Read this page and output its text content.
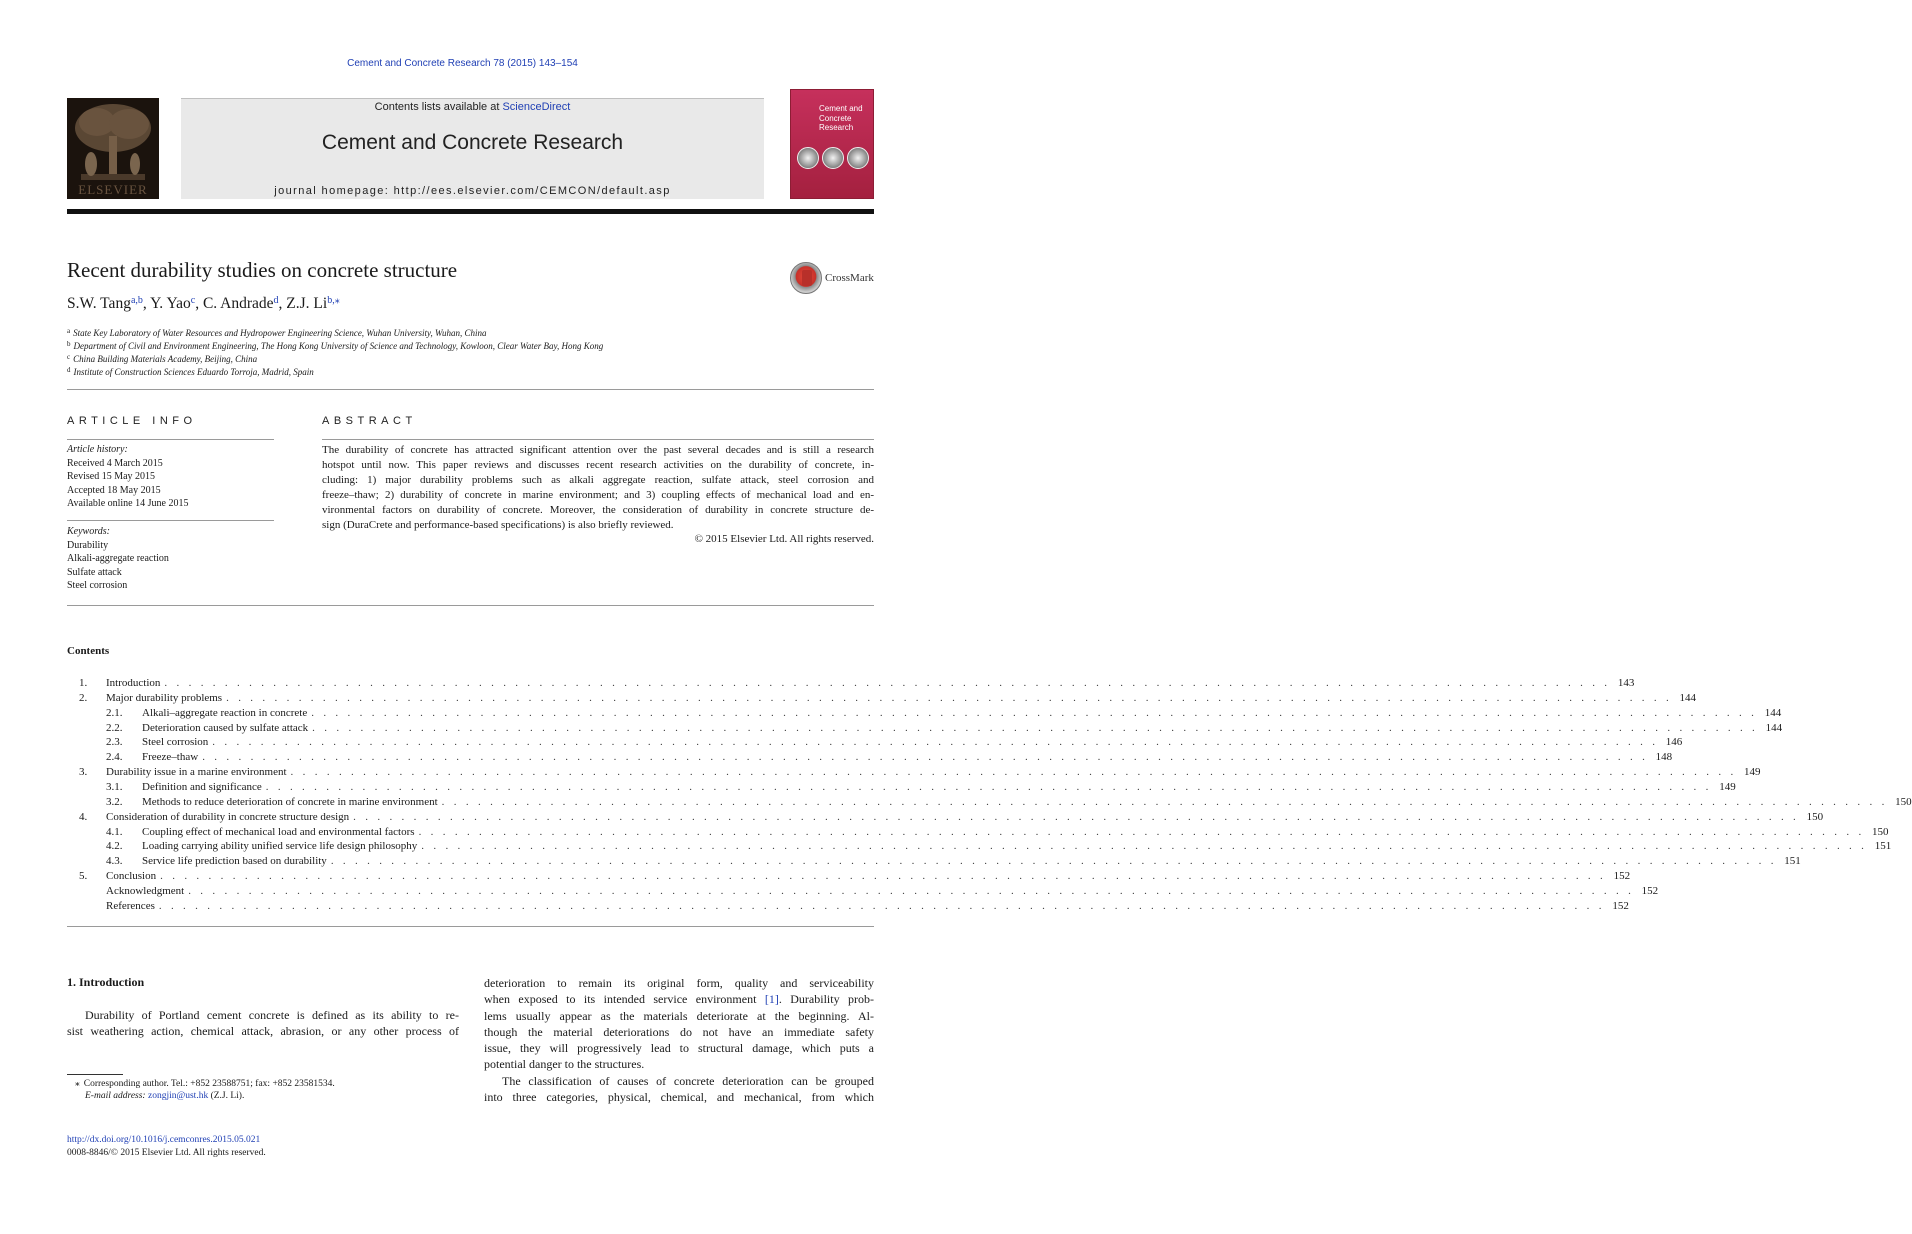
Cement and Concrete Research 78 (2015) 143–154
ELSEVIER
Contents lists available at ScienceDirect
Cement and Concrete Research
journal homepage: http://ees.elsevier.com/CEMCON/default.asp
Cement and Concrete Research
Recent durability studies on concrete structure	CrossMark
S.W. Tang$^{a,b}$, Y. Yao$^c$, C. Andrade$^d$, Z.J. $Li^{b,⁎}$
$^a$ State Key Laboratory of Water Resources and Hydropower Engineering Science, Wuhan University, Wuhan, China
$^b$ Department of Civil and Environment Engineering, The Hong Kong University of Science and Technology, Kowloon, Clear Water Bay, Hong Kong
$^c$ China Building Materials Academy, Beijing, China
$^d$ Institute of Construction Sciences Eduardo Torroja, Madrid, Spain
ARTICLE INFO
Article history:
Received 4 March 2015
Revised 15 May 2015
Accepted 18 May 2015
Available online 14 June 2015
Keywords:
Durability
Alkali-aggregate reaction
Sulfate attack
Steel corrosion
ABSTRACT
The durability of concrete has attracted significant attention over the past several decades and is still a research
hotspot until now. This paper reviews and discusses recent research activities on the durability of concrete, in-
cluding: 1) major durability problems such as alkali aggregate reaction, sulfate attack, steel corrosion and
freeze–thaw; 2) durability of concrete in marine environment; and 3) coupling effects of mechanical load and en-
vironmental factors on durability of concrete. Moreover, the consideration of durability in concrete structure de-
sign (DuraCrete and performance-based specifications) is also briefly reviewed.
© 2015 Elsevier Ltd. All rights reserved.
Contents
1.	Introduction . . . . . . . . . . . . . . . . . . . . . . . . . . . . . . . . . . . . . . . . . . . . . . . . . . . . . . . . . . . . . . . . . . . . . . . . . . . . . . . . . . . . . . . . . . . . . . . . . . . . . . . . . . . . . . . . . . . . . . . . 143
2.	Major durability problems . . . . . . . . . . . . . . . . . . . . . . . . . . . . . . . . . . . . . . . . . . . . . . . . . . . . . . . . . . . . . . . . . . . . . . . . . . . . . . . . . . . . . . . . . . . . . . . . . . . . . . . . . . . . . . . . . . . . . . . . 144
2.1.	Alkali–aggregate reaction in concrete . . . . . . . . . . . . . . . . . . . . . . . . . . . . . . . . . . . . . . . . . . . . . . . . . . . . . . . . . . . . . . . . . . . . . . . . . . . . . . . . . . . . . . . . . . . . . . . . . . . . . . . . . . . . . . . . . . . . . . . . 144
2.2.	Deterioration caused by sulfate attack . . . . . . . . . . . . . . . . . . . . . . . . . . . . . . . . . . . . . . . . . . . . . . . . . . . . . . . . . . . . . . . . . . . . . . . . . . . . . . . . . . . . . . . . . . . . . . . . . . . . . . . . . . . . . . . . . . . . . . . . 144
2.3.	Steel corrosion . . . . . . . . . . . . . . . . . . . . . . . . . . . . . . . . . . . . . . . . . . . . . . . . . . . . . . . . . . . . . . . . . . . . . . . . . . . . . . . . . . . . . . . . . . . . . . . . . . . . . . . . . . . . . . . . . . . . . . . . 146
2.4.	Freeze–thaw . . . . . . . . . . . . . . . . . . . . . . . . . . . . . . . . . . . . . . . . . . . . . . . . . . . . . . . . . . . . . . . . . . . . . . . . . . . . . . . . . . . . . . . . . . . . . . . . . . . . . . . . . . . . . . . . . . . . . . . . 148
3.	Durability issue in a marine environment . . . . . . . . . . . . . . . . . . . . . . . . . . . . . . . . . . . . . . . . . . . . . . . . . . . . . . . . . . . . . . . . . . . . . . . . . . . . . . . . . . . . . . . . . . . . . . . . . . . . . . . . . . . . . . . . . . . . . . . . 149
3.1.	Definition and significance . . . . . . . . . . . . . . . . . . . . . . . . . . . . . . . . . . . . . . . . . . . . . . . . . . . . . . . . . . . . . . . . . . . . . . . . . . . . . . . . . . . . . . . . . . . . . . . . . . . . . . . . . . . . . . . . . . . . . . . . 149
3.2.	Methods to reduce deterioration of concrete in marine environment . . . . . . . . . . . . . . . . . . . . . . . . . . . . . . . . . . . . . . . . . . . . . . . . . . . . . . . . . . . . . . . . . . . . . . . . . . . . . . . . . . . . . . . . . . . . . . . . . . . . . . . . . . . . . . . . . . . . . . . . 150
4.	Consideration of durability in concrete structure design . . . . . . . . . . . . . . . . . . . . . . . . . . . . . . . . . . . . . . . . . . . . . . . . . . . . . . . . . . . . . . . . . . . . . . . . . . . . . . . . . . . . . . . . . . . . . . . . . . . . . . . . . . . . . . . . . . . . . . . . 150
4.1.	Coupling effect of mechanical load and environmental factors . . . . . . . . . . . . . . . . . . . . . . . . . . . . . . . . . . . . . . . . . . . . . . . . . . . . . . . . . . . . . . . . . . . . . . . . . . . . . . . . . . . . . . . . . . . . . . . . . . . . . . . . . . . . . . . . . . . . . . . . 150
4.2.	Loading carrying ability unified service life design philosophy . . . . . . . . . . . . . . . . . . . . . . . . . . . . . . . . . . . . . . . . . . . . . . . . . . . . . . . . . . . . . . . . . . . . . . . . . . . . . . . . . . . . . . . . . . . . . . . . . . . . . . . . . . . . . . . . . . . . . . . . 151
4.3.	Service life prediction based on durability . . . . . . . . . . . . . . . . . . . . . . . . . . . . . . . . . . . . . . . . . . . . . . . . . . . . . . . . . . . . . . . . . . . . . . . . . . . . . . . . . . . . . . . . . . . . . . . . . . . . . . . . . . . . . . . . . . . . . . . . 151
5.	Conclusion . . . . . . . . . . . . . . . . . . . . . . . . . . . . . . . . . . . . . . . . . . . . . . . . . . . . . . . . . . . . . . . . . . . . . . . . . . . . . . . . . . . . . . . . . . . . . . . . . . . . . . . . . . . . . . . . . . . . . . . . 152
Acknowledgment . . . . . . . . . . . . . . . . . . . . . . . . . . . . . . . . . . . . . . . . . . . . . . . . . . . . . . . . . . . . . . . . . . . . . . . . . . . . . . . . . . . . . . . . . . . . . . . . . . . . . . . . . . . . . . . . . . . . . . . . 152
References . . . . . . . . . . . . . . . . . . . . . . . . . . . . . . . . . . . . . . . . . . . . . . . . . . . . . . . . . . . . . . . . . . . . . . . . . . . . . . . . . . . . . . . . . . . . . . . . . . . . . . . . . . . . . . . . . . . . . . . . 152
1. Introduction
Durability of Portland cement concrete is defined as its ability to re-
sist weathering action, chemical attack, abrasion, or any other process of
deterioration to remain its original form, quality and serviceability
when exposed to its intended service environment [1]. Durability prob-
lems usually appear as the materials deteriorate at the beginning. Al-
though the material deteriorations do not have an immediate safety
issue, they will progressively lead to structural damage, which puts a
potential danger to the structures.
The classification of causes of concrete deterioration can be grouped
into three categories, physical, chemical, and mechanical, from which
⁎ Corresponding author. Tel.: +852 23588751; fax: +852 23581534.
E-mail address: zongjin@ust.hk (Z.J. Li).
http://dx.doi.org/10.1016/j.cemconres.2015.05.021
0008-8846/© 2015 Elsevier Ltd. All rights reserved.
